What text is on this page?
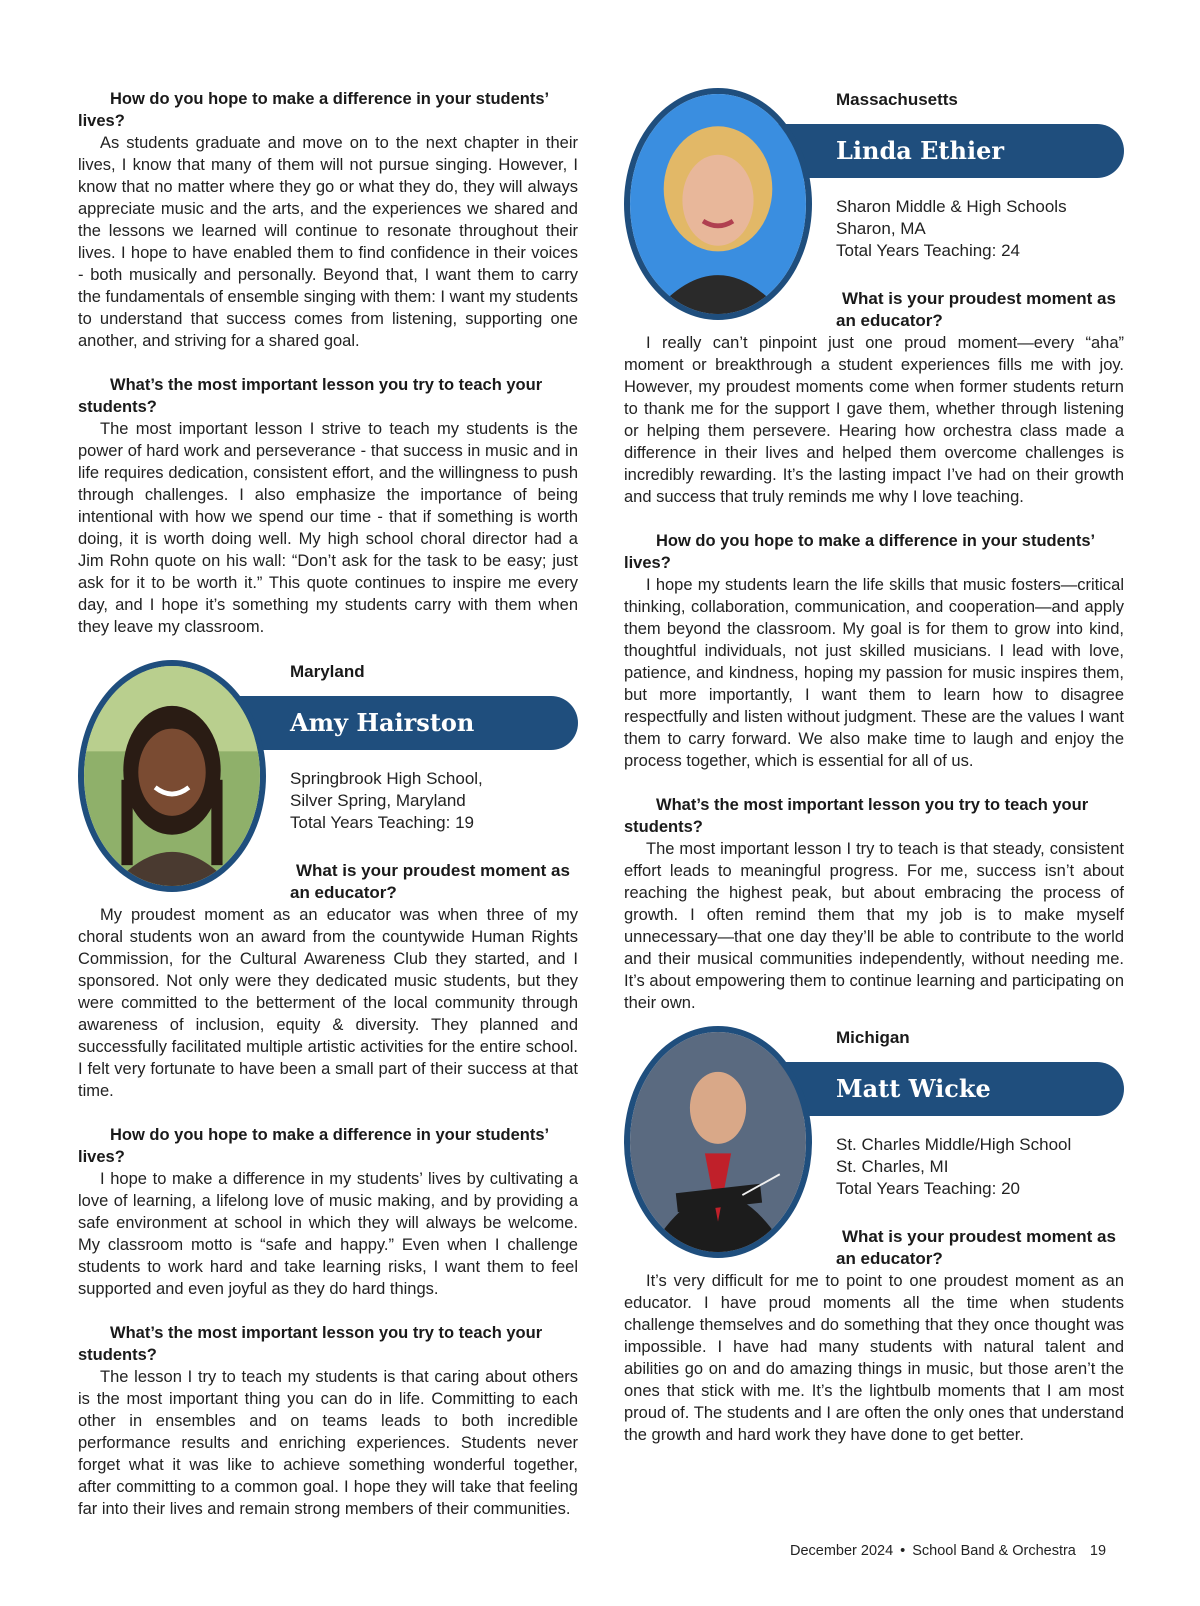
How do you hope to make a difference in your students’ lives?

As students graduate and move on to the next chapter in their lives, I know that many of them will not pursue singing. However, I know that no matter where they go or what they do, they will always appreciate music and the arts, and the experiences we shared and the lessons we learned will continue to resonate throughout their lives. I hope to have enabled them to find confidence in their voices - both musically and personally. Beyond that, I want them to carry the fundamentals of ensemble singing with them: I want my students to understand that success comes from listening, supporting one another, and striving for a shared goal.

What’s the most important lesson you try to teach your students?

The most important lesson I strive to teach my students is the power of hard work and perseverance - that success in music and in life requires dedication, consistent effort, and the willingness to push through challenges. I also emphasize the importance of being intentional with how we spend our time - that if something is worth doing, it is worth doing well. My high school choral director had a Jim Rohn quote on his wall: “Don’t ask for the task to be easy; just ask for it to be worth it.” This quote continues to inspire me every day, and I hope it’s something my students carry with them when they leave my classroom.

Maryland
Amy Hairston
Springbrook High School,
Silver Spring, Maryland
Total Years Teaching: 19
What is your proudest moment as an educator?

My proudest moment as an educator was when three of my choral students won an award from the countywide Human Rights Commission, for the Cultural Awareness Club they started, and I sponsored. Not only were they dedicated music students, but they were committed to the betterment of the local community through awareness of inclusion, equity & diversity. They planned and successfully facilitated multiple artistic activities for the entire school. I felt very fortunate to have been a small part of their success at that time.

How do you hope to make a difference in your students’ lives?

I hope to make a difference in my students’ lives by cultivating a love of learning, a lifelong love of music making, and by providing a safe environment at school in which they will always be welcome. My classroom motto is “safe and happy.” Even when I challenge students to work hard and take learning risks, I want them to feel supported and even joyful as they do hard things.

What’s the most important lesson you try to teach your students?

The lesson I try to teach my students is that caring about others is the most important thing you can do in life. Committing to each other in ensembles and on teams leads to both incredible performance results and enriching experiences. Students never forget what it was like to achieve something wonderful together, after committing to a common goal. I hope they will take that feeling far into their lives and remain strong members of their communities.

Massachusetts
Linda Ethier
Sharon Middle & High Schools
Sharon, MA
Total Years Teaching: 24
What is your proudest moment as an educator?

I really can’t pinpoint just one proud moment—every “aha” moment or breakthrough a student experiences fills me with joy. However, my proudest moments come when former students return to thank me for the support I gave them, whether through listening or helping them persevere. Hearing how orchestra class made a difference in their lives and helped them overcome challenges is incredibly rewarding. It’s the lasting impact I’ve had on their growth and success that truly reminds me why I love teaching.

How do you hope to make a difference in your students’ lives?

I hope my students learn the life skills that music fosters—critical thinking, collaboration, communication, and cooperation—and apply them beyond the classroom. My goal is for them to grow into kind, thoughtful individuals, not just skilled musicians. I lead with love, patience, and kindness, hoping my passion for music inspires them, but more importantly, I want them to learn how to disagree respectfully and listen without judgment. These are the values I want them to carry forward. We also make time to laugh and enjoy the process together, which is essential for all of us.

What’s the most important lesson you try to teach your students?

The most important lesson I try to teach is that steady, consistent effort leads to meaningful progress. For me, success isn’t about reaching the highest peak, but about embracing the process of growth. I often remind them that my job is to make myself unnecessary—that one day they’ll be able to contribute to the world and their musical communities independently, without needing me. It’s about empowering them to continue learning and participating on their own.

Michigan
Matt Wicke
St. Charles Middle/High School
St. Charles, MI
Total Years Teaching: 20
What is your proudest moment as an educator?

It’s very difficult for me to point to one proudest moment as an educator. I have proud moments all the time when students challenge themselves and do something that they once thought was impossible. I have had many students with natural talent and abilities go on and do amazing things in music, but those aren’t the ones that stick with me. It’s the lightbulb moments that I am most proud of. The students and I are often the only ones that understand the growth and hard work they have done to get better.

December 2024 • School Band & Orchestra 19
